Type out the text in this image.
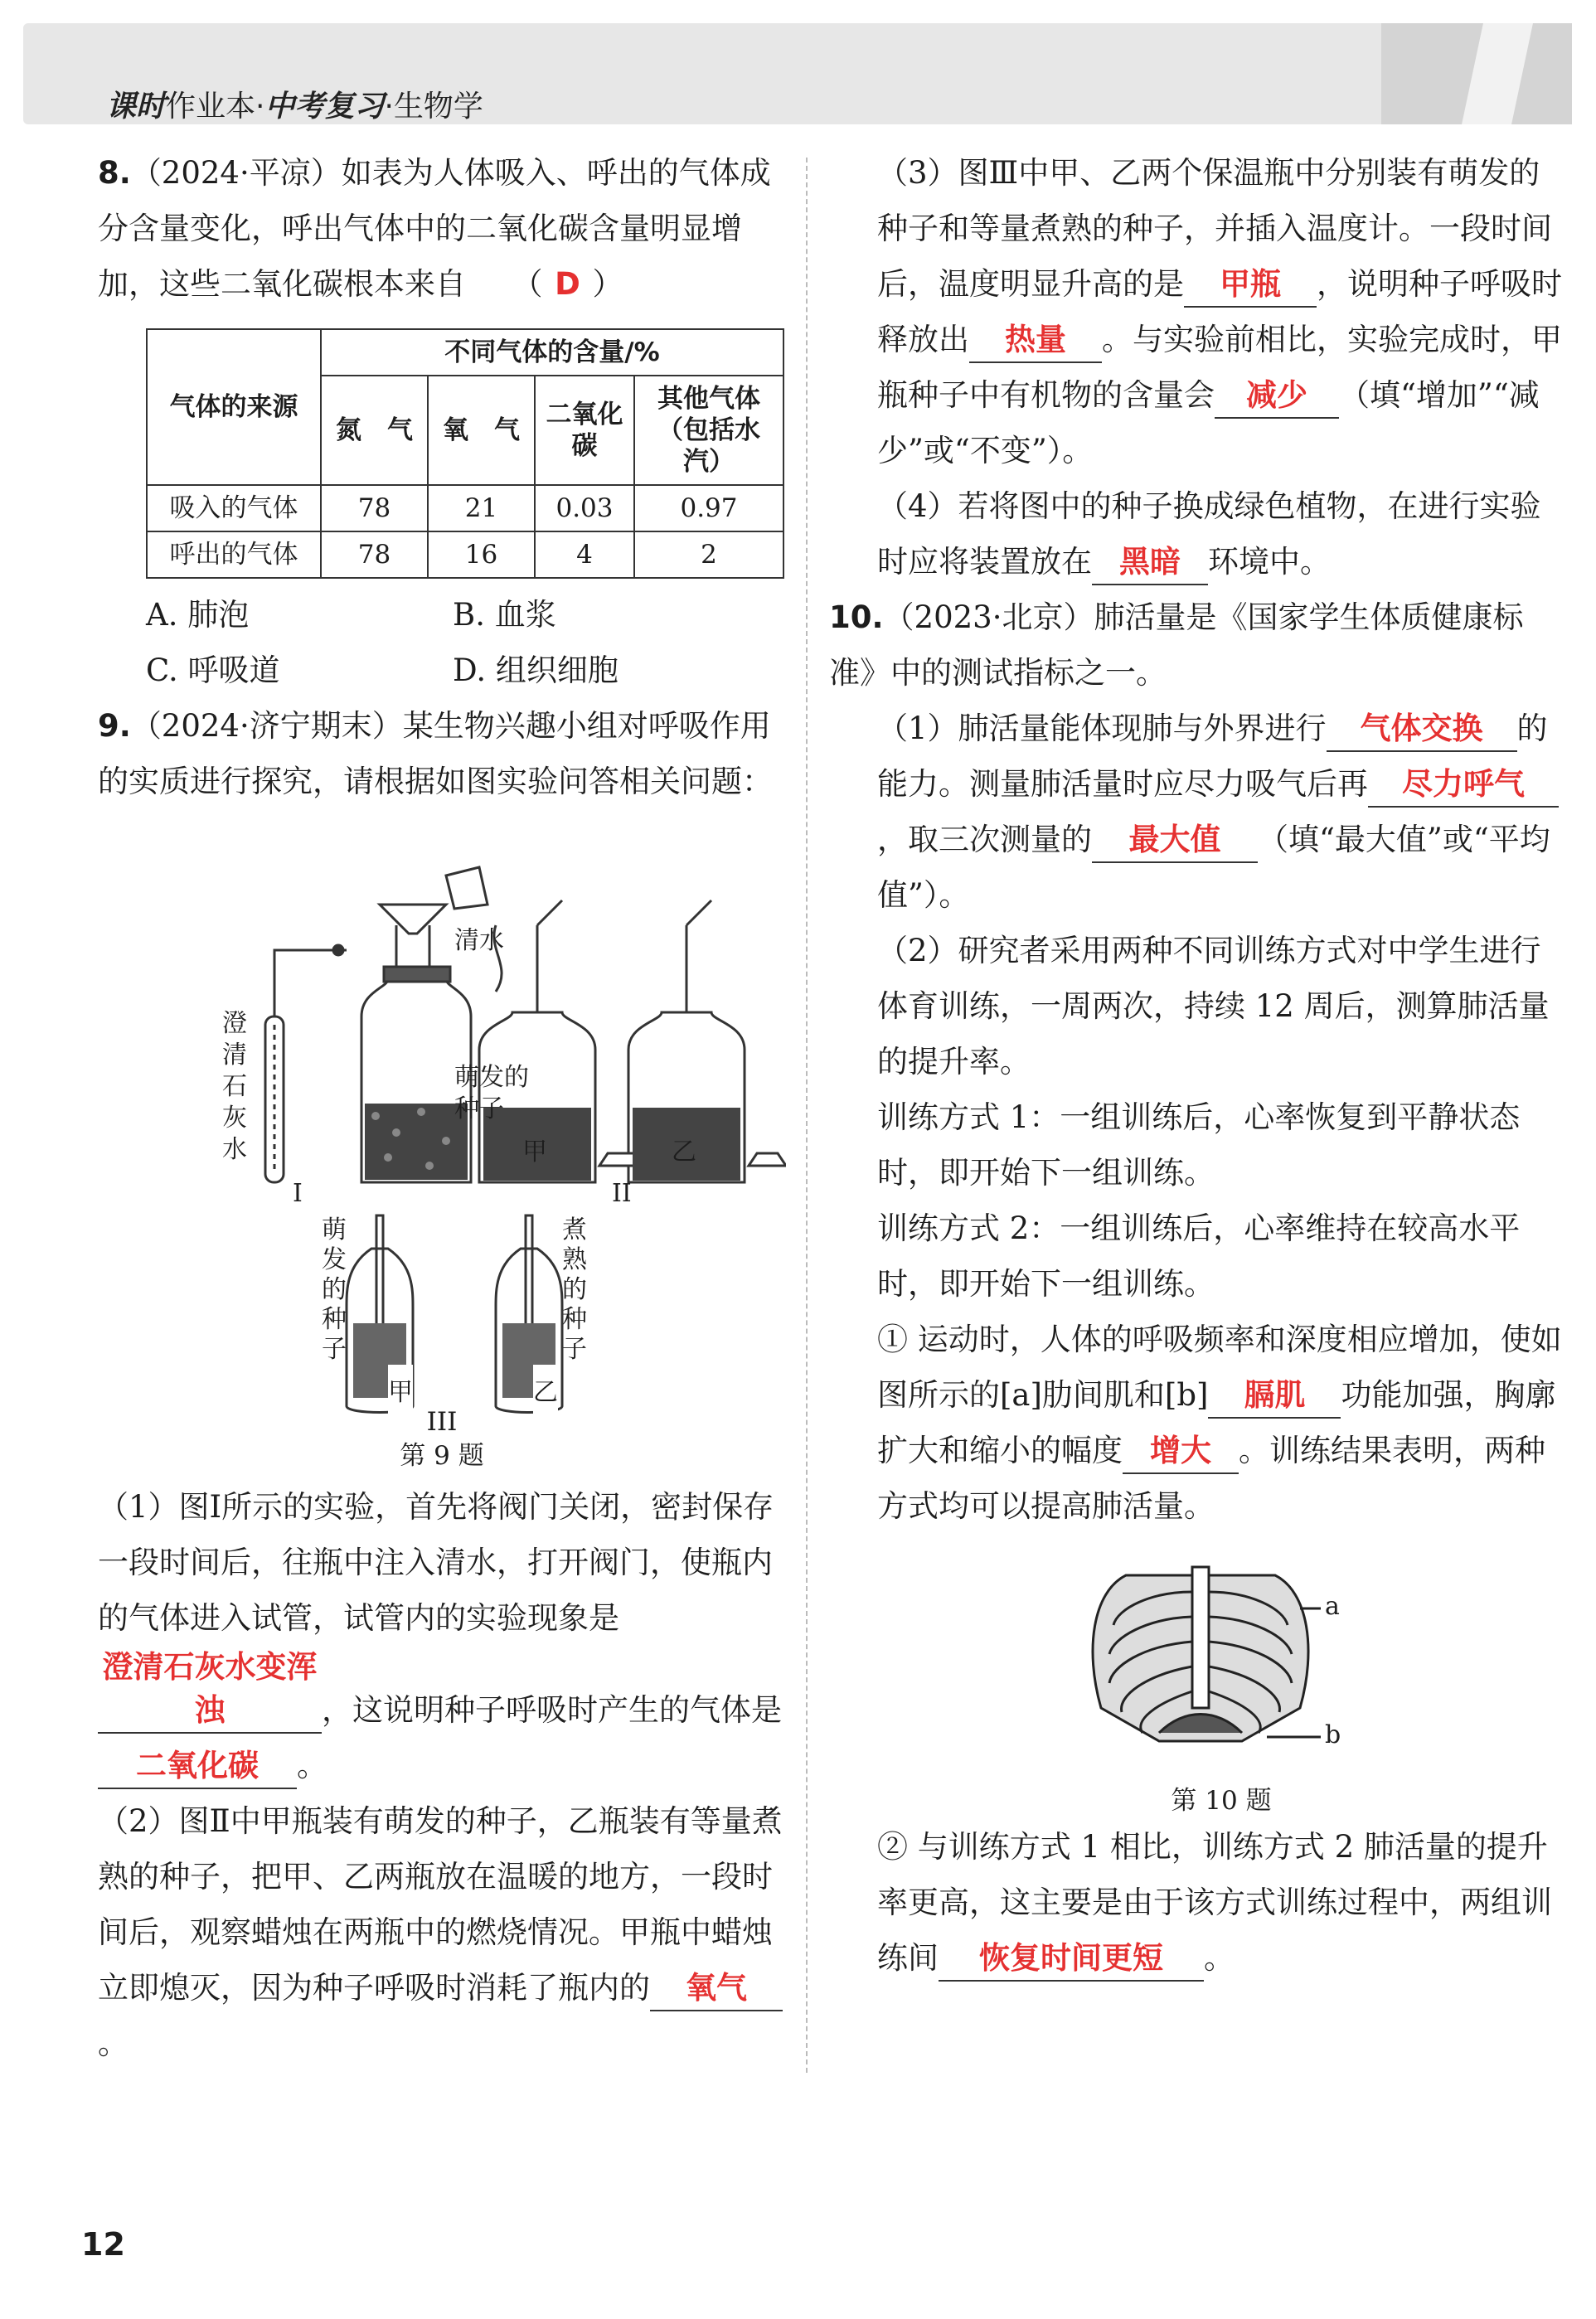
课时作业本·中考复习·生物学

8.（2024·平凉）如表为人体吸入、呼出的气体成分含量变化，呼出气体中的二氧化碳含量明显增加，这些二氧化碳根本来自　　 （ D ）

气体的来源	不同气体的含量/%			
	氮　气	氧　气	二氧化碳	其他气体（包括水汽）
吸入的气体	78	21	0.03	0.97
呼出的气体	78	16	4	2
A. 肺泡	B. 血浆
C. 呼吸道	D. 组织细胞

9.（2024·济宁期末）某生物兴趣小组对呼吸作用的实质进行探究，请根据如图实验问答相关问题：

澄清石灰水
清水
萌发的
种子
I
甲	乙
II
萌发的种子
煮熟的种子
甲	乙
III
第 9 题

（1）图Ⅰ所示的实验，首先将阀门关闭，密封保存一段时间后，往瓶中注入清水，打开阀门，使瓶内的气体进入试管，试管内的实验现象是澄清石灰水变浑浊	，这说明种子呼吸时产生的气体是二氧化碳 。

（2）图Ⅱ中甲瓶装有萌发的种子，乙瓶装有等量煮熟的种子，把甲、乙两瓶放在温暖的地方，一段时间后，观察蜡烛在两瓶中的燃烧情况。甲瓶中蜡烛立即熄灭，因为种子呼吸时消耗了瓶内的 氧气。

（3）图Ⅲ中甲、乙两个保温瓶中分别装有萌发的种子和等量煮熟的种子，并插入温度计。一段时间后，温度明显升高的是 甲瓶 ，说明种子呼吸时释放出 热量 。与实验前相比，实验完成时，甲瓶种子中有机物的含量会 减少 （填“增加”“减少”或“不变”）。

（4）若将图中的种子换成绿色植物，在进行实验时应将装置放在 黑暗 环境中。

10.（2023·北京）肺活量是《国家学生体质健康标准》中的测试指标之一。

（1）肺活量能体现肺与外界进行 气体交换 的能力。测量肺活量时应尽力吸气后再 尽力呼气，取三次测量的 最大值 （填“最大值”或“平均值”）。

（2）研究者采用两种不同训练方式对中学生进行体育训练，一周两次，持续 12 周后，测算肺活量的提升率。

训练方式 1：一组训练后，心率恢复到平静状态时，即开始下一组训练。

训练方式 2：一组训练后，心率维持在较高水平时，即开始下一组训练。

① 运动时，人体的呼吸频率和深度相应增加，使如图所示的[a]肋间肌和[b] 膈肌 功能加强，胸廓扩大和缩小的幅度 增大 。训练结果表明，两种方式均可以提高肺活量。

a
b
第 10 题

② 与训练方式 1 相比，训练方式 2 肺活量的提升率更高，这主要是由于该方式训练过程中，两组训练间 恢复时间更短 。

12
